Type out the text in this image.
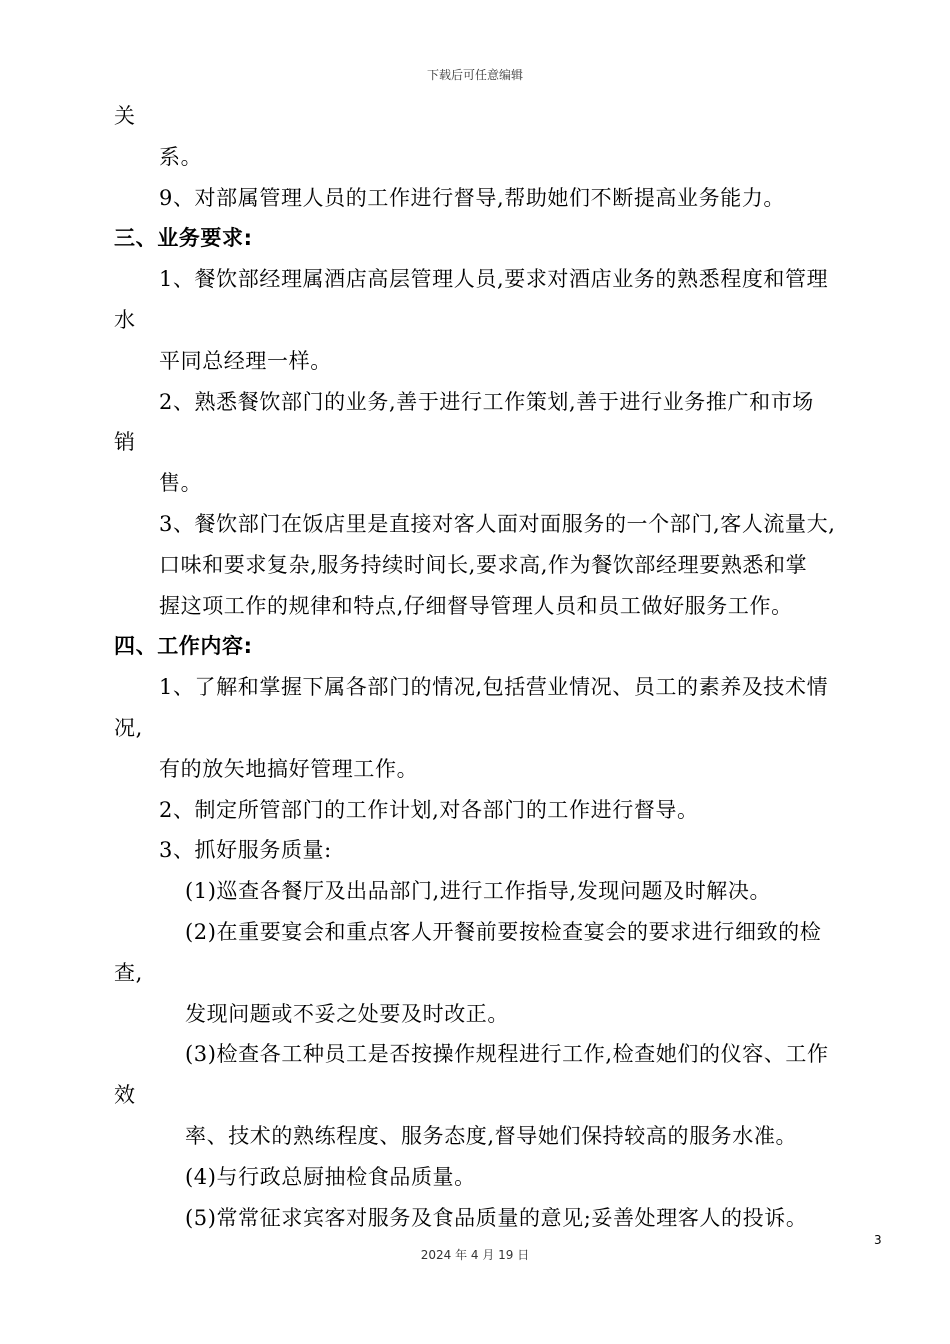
下载后可任意编辑
关
系。
9、对部属管理人员的工作进行督导,帮助她们不断提高业务能力。
三、业务要求:
1、餐饮部经理属酒店高层管理人员,要求对酒店业务的熟悉程度和管理
水
平同总经理一样。
2、熟悉餐饮部门的业务,善于进行工作策划,善于进行业务推广和市场
销
售。
3、餐饮部门在饭店里是直接对客人面对面服务的一个部门,客人流量大,
口味和要求复杂,服务持续时间长,要求高,作为餐饮部经理要熟悉和掌
握这项工作的规律和特点,仔细督导管理人员和员工做好服务工作。
四、工作内容:
1、了解和掌握下属各部门的情况,包括营业情况、员工的素养及技术情
况,
有的放矢地搞好管理工作。
2、制定所管部门的工作计划,对各部门的工作进行督导。
3、抓好服务质量:
(1)巡查各餐厅及出品部门,进行工作指导,发现问题及时解决。
(2)在重要宴会和重点客人开餐前要按检查宴会的要求进行细致的检
查,
发现问题或不妥之处要及时改正。
(3)检查各工种员工是否按操作规程进行工作,检查她们的仪容、工作
效
率、技术的熟练程度、服务态度,督导她们保持较高的服务水准。
(4)与行政总厨抽检食品质量。
(5)常常征求宾客对服务及食品质量的意见;妥善处理客人的投诉。
3
2024 年 4 月 19 日
